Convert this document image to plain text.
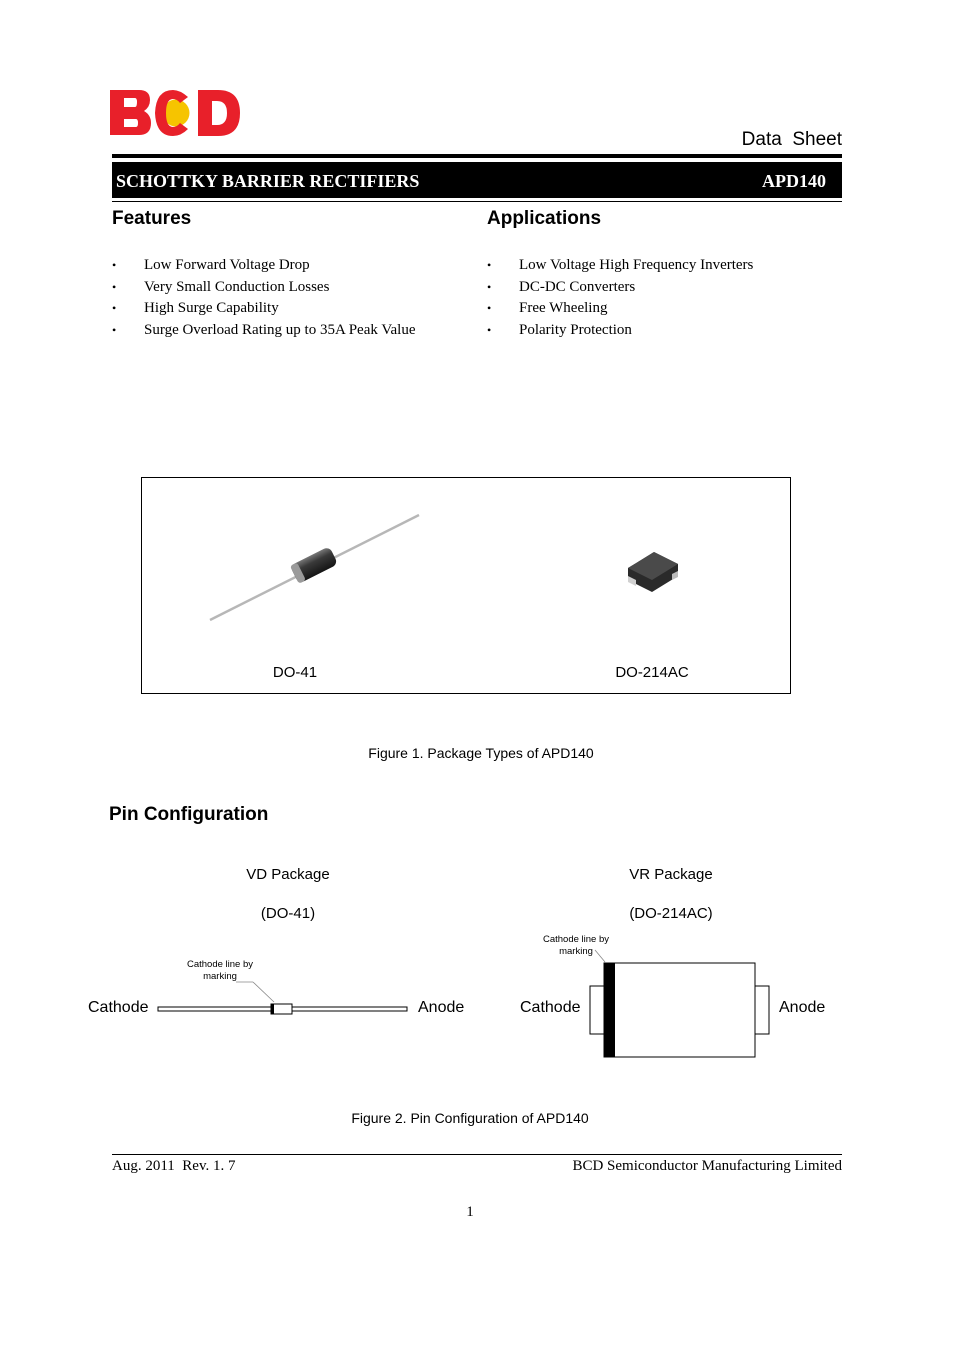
Data  Sheet
SCHOTTKY BARRIER RECTIFIERS	APD140
Features
• Low Forward Voltage Drop
• Very Small Conduction Losses
• High Surge Capability
• Surge Overload Rating up to 35A Peak Value
Applications
• Low Voltage High Frequency Inverters
• DC-DC Converters
• Free Wheeling
• Polarity Protection
DO-41	DO-214AC
Figure 1. Package Types of APD140
Pin Configuration
VD Package
(DO-41)
VR Package
(DO-214AC)
Cathode line by
marking
Cathode	Anode
Cathode line by
marking
Cathode	Anode
Figure 2. Pin Configuration of APD140
Aug. 2011  Rev. 1. 7	BCD Semiconductor Manufacturing Limited
1
